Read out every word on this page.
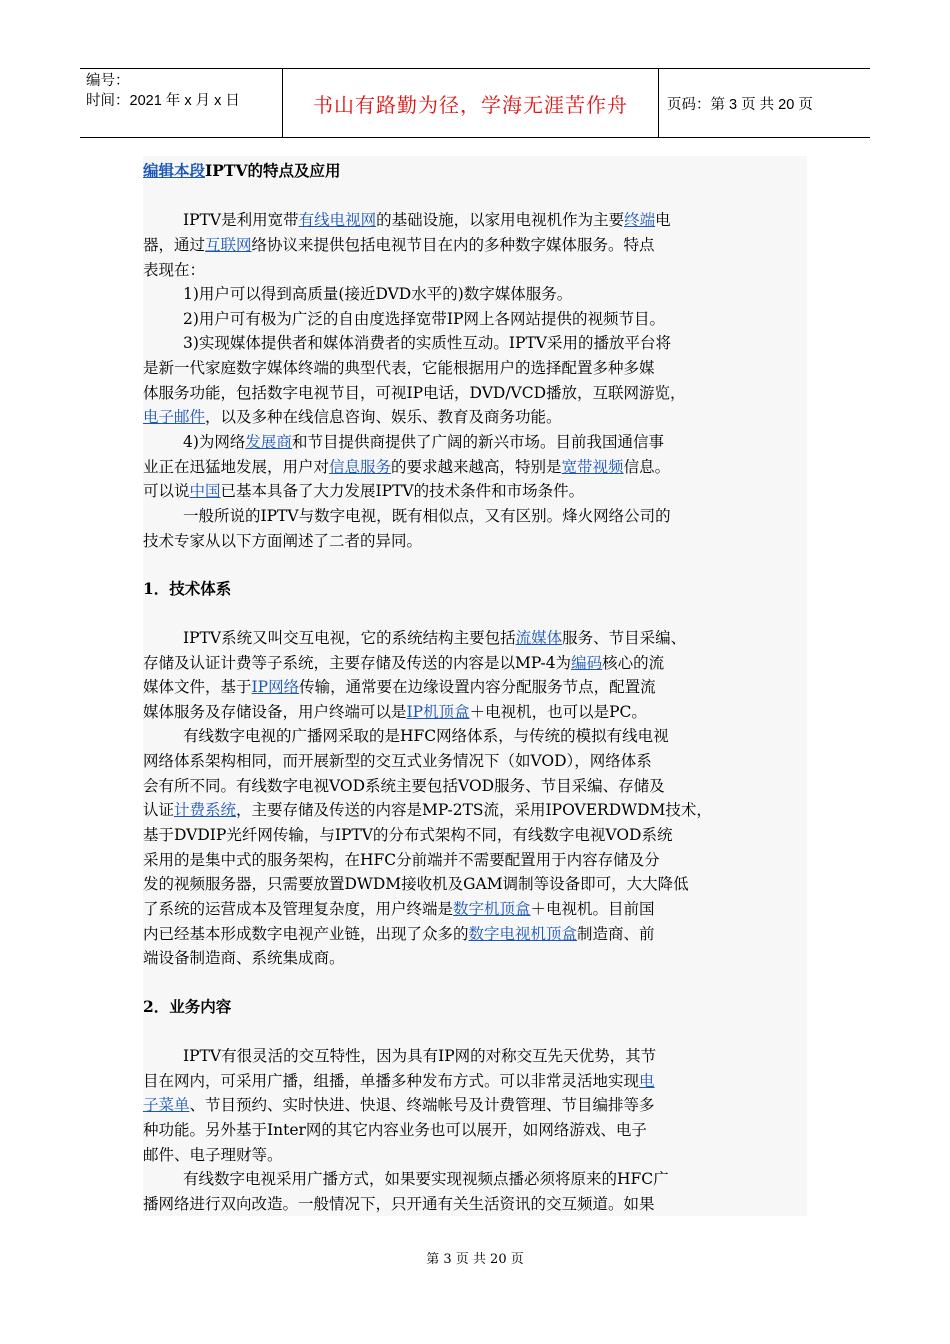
编号：
时间：2021 年 x 月 x 日	书山有路勤为径，学海无涯苦作舟	页码：第 3 页 共 20 页
编辑本段IPTV的特点及应用
IPTV是利用宽带有线电视网的基础设施，以家用电视机作为主要终端电
器，通过互联网络协议来提供包括电视节目在内的多种数字媒体服务。特点
表现在：
1)用户可以得到高质量(接近DVD水平的)数字媒体服务。
2)用户可有极为广泛的自由度选择宽带IP网上各网站提供的视频节目。
3)实现媒体提供者和媒体消费者的实质性互动。IPTV采用的播放平台将
是新一代家庭数字媒体终端的典型代表，它能根据用户的选择配置多种多媒
体服务功能，包括数字电视节目，可视IP电话，DVD/VCD播放，互联网游览，
电子邮件，以及多种在线信息咨询、娱乐、教育及商务功能。
4)为网络发展商和节目提供商提供了广阔的新兴市场。目前我国通信事
业正在迅猛地发展，用户对信息服务的要求越来越高，特别是宽带视频信息。
可以说中国已基本具备了大力发展IPTV的技术条件和市场条件。
一般所说的IPTV与数字电视，既有相似点，又有区别。烽火网络公司的
技术专家从以下方面阐述了二者的异同。
1．技术体系
IPTV系统又叫交互电视，它的系统结构主要包括流媒体服务、节目采编、
存储及认证计费等子系统，主要存储及传送的内容是以MP-4为编码核心的流
媒体文件，基于IP网络传输，通常要在边缘设置内容分配服务节点，配置流
媒体服务及存储设备，用户终端可以是IP机顶盒＋电视机，也可以是PC。
有线数字电视的广播网采取的是HFC网络体系，与传统的模拟有线电视
网络体系架构相同，而开展新型的交互式业务情况下（如VOD），网络体系
会有所不同。有线数字电视VOD系统主要包括VOD服务、节目采编、存储及
认证计费系统，主要存储及传送的内容是MP-2TS流，采用IPOVERDWDM技术，
基于DVDIP光纤网传输，与IPTV的分布式架构不同，有线数字电视VOD系统
采用的是集中式的服务架构，在HFC分前端并不需要配置用于内容存储及分
发的视频服务器，只需要放置DWDM接收机及GAM调制等设备即可，大大降低
了系统的运营成本及管理复杂度，用户终端是数字机顶盒＋电视机。目前国
内已经基本形成数字电视产业链，出现了众多的数字电视机顶盒制造商、前
端设备制造商、系统集成商。
2．业务内容
IPTV有很灵活的交互特性，因为具有IP网的对称交互先天优势，其节
目在网内，可采用广播，组播，单播多种发布方式。可以非常灵活地实现电
子菜单、节目预约、实时快进、快退、终端帐号及计费管理、节目编排等多
种功能。另外基于Inter网的其它内容业务也可以展开，如网络游戏、电子
邮件、电子理财等。
有线数字电视采用广播方式，如果要实现视频点播必须将原来的HFC广
播网络进行双向改造。一般情况下，只开通有关生活资讯的交互频道。如果
第 3 页 共 20 页
